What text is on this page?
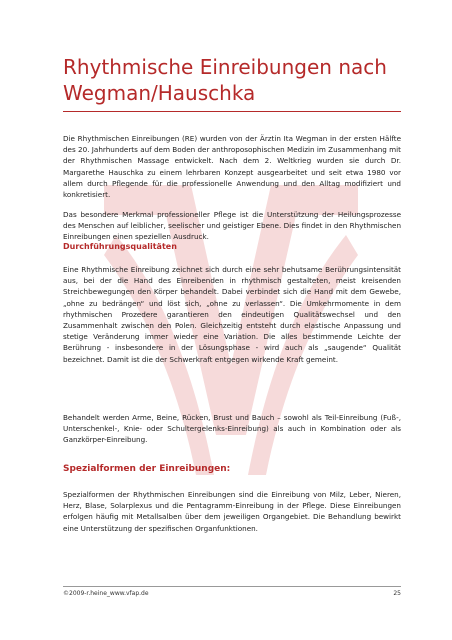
Rhythmische Einreibungen nach Wegman/Hauschka

Die Rhythmischen Einreibungen (RE) wurden von der Ärztin Ita Wegman in der ersten Hälfte des 20. Jahrhunderts auf dem Boden der anthroposophischen Medizin im Zusammenhang mit der Rhythmischen Massage entwickelt. Nach dem 2. Weltkrieg wurden sie durch Dr. Margarethe Hauschka zu einem lehrbaren Konzept ausgearbeitet und seit etwa 1980 vor allem durch Pflegende für die professionelle Anwendung und den Alltag modifiziert und konkretisiert.

Das besondere Merkmal professioneller Pflege ist die Unterstützung der Heilungsprozesse des Menschen auf leiblicher, seelischer und geistiger Ebene. Dies findet in den Rhythmischen Einreibungen einen speziellen Ausdruck.

Durchführungsqualitäten

Eine Rhythmische Einreibung zeichnet sich durch eine sehr behutsame Berührungsintensität aus, bei der die Hand des Einreibenden in rhythmisch gestalteten, meist kreisenden Streichbewegungen den Körper behandelt. Dabei verbindet sich die Hand mit dem Gewebe, „ohne zu bedrängen“ und löst sich, „ohne zu verlassen“. Die Umkehrmomente in dem rhythmischen Prozedere garantieren den eindeutigen Qualitätswechsel und den Zusammenhalt zwischen den Polen. Gleichzeitig entsteht durch elastische Anpassung und stetige Veränderung immer wieder eine Variation. Die alles bestimmende Leichte der Berührung - insbesondere in der Lösungsphase - wird auch als „saugende“ Qualität bezeichnet. Damit ist die der Schwerkraft entgegen wirkende Kraft gemeint.

Behandelt werden Arme, Beine, Rücken, Brust und Bauch – sowohl als Teil-Einreibung (Fuß-, Unterschenkel-, Knie- oder Schultergelenks-Einreibung) als auch in Kombination oder als Ganzkörper-Einreibung.

Spezialformen der Einreibungen:

Spezialformen der Rhythmischen Einreibungen sind die Einreibung von Milz, Leber, Nieren, Herz, Blase, Solarplexus und die Pentagramm-Einreibung in der Pflege. Diese Einreibungen erfolgen häufig mit Metallsalben über dem jeweiligen Organgebiet. Die Behandlung bewirkt eine Unterstützung der spezifischen Organfunktionen.

©2009-r.heine_www.vfap.de	25
